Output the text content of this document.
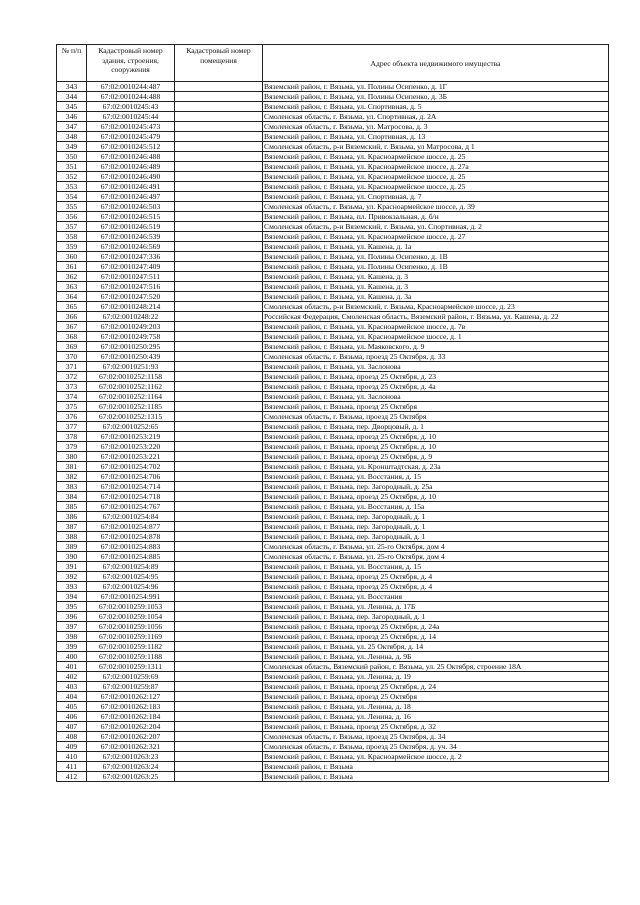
№ п/п	Кадастровый номер здания, строения, сооружения	Кадастровый номер помещения	Адрес объекта недвижимого имущества
343	67:02:0010244:487		Вяземский район, г. Вязьма, ул. Полины Осипенко, д. 1Г
344	67:02:0010244:488		Вяземский район, г. Вязьма, ул. Полины Осипенко, д. 3Б
345	67:02:0010245:43		Вяземский район, г. Вязьма, ул. Спортивная, д. 5
346	67:02:0010245:44		Смоленская область, г. Вязьма, ул. Спортивная, д. 2А
347	67:02:0010245:473		Смоленская область, г. Вязьма, ул. Матросова, д. 3
348	67:02:0010245:479		Вяземский район, г. Вязьма, ул. Спортивная, д. 13
349	67:02:0010245:512		Смоленская область, р-н Вяземский, г. Вязьма, ул Матросова, д 1
350	67:02:0010246:488		Вяземский район, г. Вязьма, ул. Красноармейское шоссе, д. 25
351	67:02:0010246:489		Вяземский район, г. Вязьма, ул. Красноармейское шоссе, д. 27а
352	67:02:0010246:490		Вяземский район, г. Вязьма, ул. Красноармейское шоссе, д. 25
353	67:02:0010246:491		Вяземский район, г. Вязьма, ул. Красноармейское шоссе, д. 25
354	67:02:0010246:497		Вяземский район, г. Вязьма, ул. Спортивная, д. 7
355	67:02:0010246:503		Смоленская область, г. Вязьма, ул. Красноармейское шоссе, д. 39
356	67:02:0010246:515		Вяземский район, г. Вязьма, пл. Привокзальная, д. б/н
357	67:02:0010246:519		Смоленская область, р-н Вяземский, г. Вязьма, ул. Спортивная, д. 2
358	67:02:0010246:539		Вяземский район, г. Вязьма, ул. Красноармейское шоссе, д. 27
359	67:02:0010246:569		Вяземский район, г. Вязьма, ул. Кашена, д. 1а
360	67:02:0010247:336		Вяземский район, г. Вязьма, ул. Полины Осипенко, д. 1В
361	67:02:0010247:409		Вяземский район, г. Вязьма, ул. Полины Осипенко, д. 1В
362	67:02:0010247:511		Вяземский район, г. Вязьма, ул. Кашена, д. 3
363	67:02:0010247:516		Вяземский район, г. Вязьма, ул. Кашена, д. 3
364	67:02:0010247:520		Вяземский район, г. Вязьма, ул. Кашена, д. 3а
365	67:02:0010248:214		Смоленская область, р-н Вяземский, г. Вязьма, Красноармейское шоссе, д. 23
366	67:02:0010248:22		Российская Федерация, Смоленская область, Вяземский район, г. Вязьма, ул. Кашена, д. 22
367	67:02:0010249:203		Вяземский район, г. Вязьма, ул. Красноармейское шоссе, д. 7в
368	67:02:0010249:758		Вяземский район, г. Вязьма, ул. Красноармейское шоссе, д. 1
369	67:02:0010250:295		Вяземский район, г. Вязьма, ул. Маяковского, д. 9
370	67:02:0010250:439		Смоленская область, г. Вязьма, проезд 25 Октября, д. 33
371	67:02:0010251:93		Вяземский район, г. Вязьма, ул. Заслонова
372	67:02:0010252:1158		Вяземский район, г. Вязьма, проезд 25 Октября, д. 23
373	67:02:0010252:1162		Вяземский район, г. Вязьма, проезд 25 Октября, д. 4а
374	67:02:0010252:1164		Вяземский район, г. Вязьма, ул. Заслонова
375	67:02:0010252:1185		Вяземский район, г. Вязьма, проезд 25 Октября
376	67:02:0010252:1315		Смоленская область, г. Вязьма, проезд 25 Октября
377	67:02:0010252:65		Вяземский район, г. Вязьма, пер. Дворцовый, д. 1
378	67:02:0010253:219		Вяземский район, г. Вязьма, проезд 25 Октября, д. 10
379	67:02:0010253:220		Вяземский район, г. Вязьма, проезд 25 Октября, д. 10
380	67:02:0010253:221		Вяземский район, г. Вязьма, проезд 25 Октября, д. 9
381	67:02:0010254:702		Вяземский район, г. Вязьма, ул. Кронштадтская, д. 23а
382	67:02:0010254:706		Вяземский район, г. Вязьма, ул. Восстания, д. 15
383	67:02:0010254:714		Вяземский район, г. Вязьма, пер. Загородный, д. 25а
384	67:02:0010254:718		Вяземский район, г. Вязьма, проезд 25 Октября, д. 10
385	67:02:0010254:767		Вяземский район, г. Вязьма, ул. Восстания, д. 15а
386	67:02:0010254:84		Вяземский район, г. Вязьма, пер. Загородный, д. 1
387	67:02:0010254:877		Вяземский район, г. Вязьма, пер. Загородный, д. 1
388	67:02:0010254:878		Вяземский район, г. Вязьма, пер. Загородный, д. 1
389	67:02:0010254:883		Смоленская область, г. Вязьма, ул. 25-го Октября, дом 4
390	67:02:0010254:885		Смоленская область, г. Вязьма, ул. 25-го Октября, дом 4
391	67:02:0010254:89		Вяземский район, г. Вязьма, ул. Восстания, д. 15
392	67:02:0010254:95		Вяземский район, г. Вязьма, проезд 25 Октября, д. 4
393	67:02:0010254:96		Вяземский район, г. Вязьма, проезд 25 Октября, д. 4
394	67:02:0010254:991		Вяземский район, г. Вязьма, ул. Восстания
395	67:02:0010259:1053		Вяземский район, г. Вязьма, ул. Ленина, д. 17Б
396	67:02:0010259:1054		Вяземский район, г. Вязьма, пер. Загородный, д. 1
397	67:02:0010259:1056		Вяземский район, г. Вязьма, проезд 25 Октября, д. 24а
398	67:02:0010259:1169		Вяземский район, г. Вязьма, проезд 25 Октября, д. 14
399	67:02:0010259:1182		Вяземский район, г. Вязьма, ул. 25 Октября, д. 14
400	67:02:0010259:1188		Вяземский район, г. Вязьма, ул. Ленина, д. 9Б
401	67:02:0010259:1311		Смоленская область, Вяземский район, г. Вязьма, ул. 25 Октября, строение 18А
402	67:02:0010259:69		Вяземский район, г. Вязьма, ул. Ленина, д. 19
403	67:02:0010259:87		Вяземский район, г. Вязьма, проезд 25 Октября, д. 24
404	67:02:0010262:127		Вяземский район, г. Вязьма, проезд 25 Октября
405	67:02:0010262:183		Вяземский район, г. Вязьма, ул. Ленина, д. 18
406	67:02:0010262:184		Вяземский район, г. Вязьма, ул. Ленина, д. 16
407	67:02:0010262:204		Вяземский район, г. Вязьма, проезд 25 Октября, д. 32
408	67:02:0010262:207		Смоленская область, г. Вязьма, проезд 25 Октября, д. 34
409	67:02:0010262:321		Смоленская область, г. Вязьма, проезд 25 Октября, д. уч. 34
410	67:02:0010263:23		Вяземский район, г. Вязьма, ул. Красноармейское шоссе, д. 2
411	67:02:0010263:24		Вяземский район, г. Вязьма
412	67:02:0010263:25		Вяземский район, г. Вязьма
